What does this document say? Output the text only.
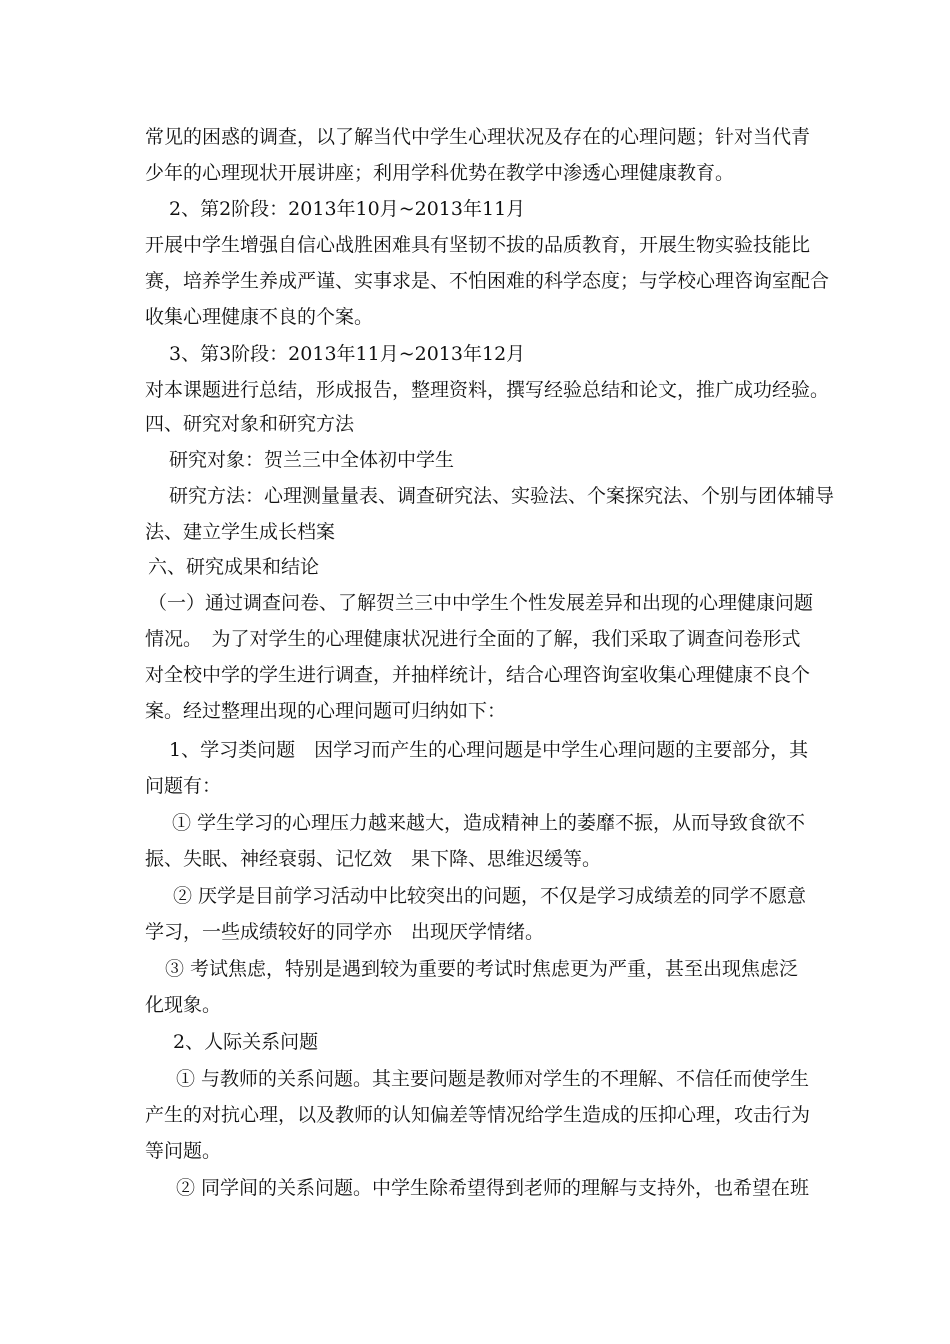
常见的困惑的调查，以了解当代中学生心理状况及存在的心理问题；针对当代青
少年的心理现状开展讲座；利用学科优势在教学中渗透心理健康教育。
2、第2阶段：2013年10月~2013年11月
开展中学生增强自信心战胜困难具有坚韧不拔的品质教育，开展生物实验技能比
赛，培养学生养成严谨、实事求是、不怕困难的科学态度；与学校心理咨询室配合
收集心理健康不良的个案。
3、第3阶段：2013年11月~2013年12月
对本课题进行总结，形成报告，整理资料，撰写经验总结和论文，推广成功经验。
四、研究对象和研究方法
研究对象：贺兰三中全体初中学生
研究方法：心理测量量表、调查研究法、实验法、个案探究法、个别与团体辅导
法、建立学生成长档案
六、研究成果和结论
（一）通过调查问卷、了解贺兰三中中学生个性发展差异和出现的心理健康问题
情况。　为了对学生的心理健康状况进行全面的了解，我们采取了调查问卷形式
对全校中学的学生进行调查，并抽样统计，结合心理咨询室收集心理健康不良个
案。经过整理出现的心理问题可归纳如下：
1、学习类问题　因学习而产生的心理问题是中学生心理问题的主要部分，其
问题有：
① 学生学习的心理压力越来越大，造成精神上的萎靡不振，从而导致食欲不
振、失眠、神经衰弱、记忆效　果下降、思维迟缓等。
② 厌学是目前学习活动中比较突出的问题，不仅是学习成绩差的同学不愿意
学习，一些成绩较好的同学亦　出现厌学情绪。
③ 考试焦虑，特别是遇到较为重要的考试时焦虑更为严重，甚至出现焦虑泛
化现象。
2、人际关系问题
① 与教师的关系问题。其主要问题是教师对学生的不理解、不信任而使学生
产生的对抗心理，以及教师的认知偏差等情况给学生造成的压抑心理，攻击行为
等问题。
② 同学间的关系问题。中学生除希望得到老师的理解与支持外，也希望在班
